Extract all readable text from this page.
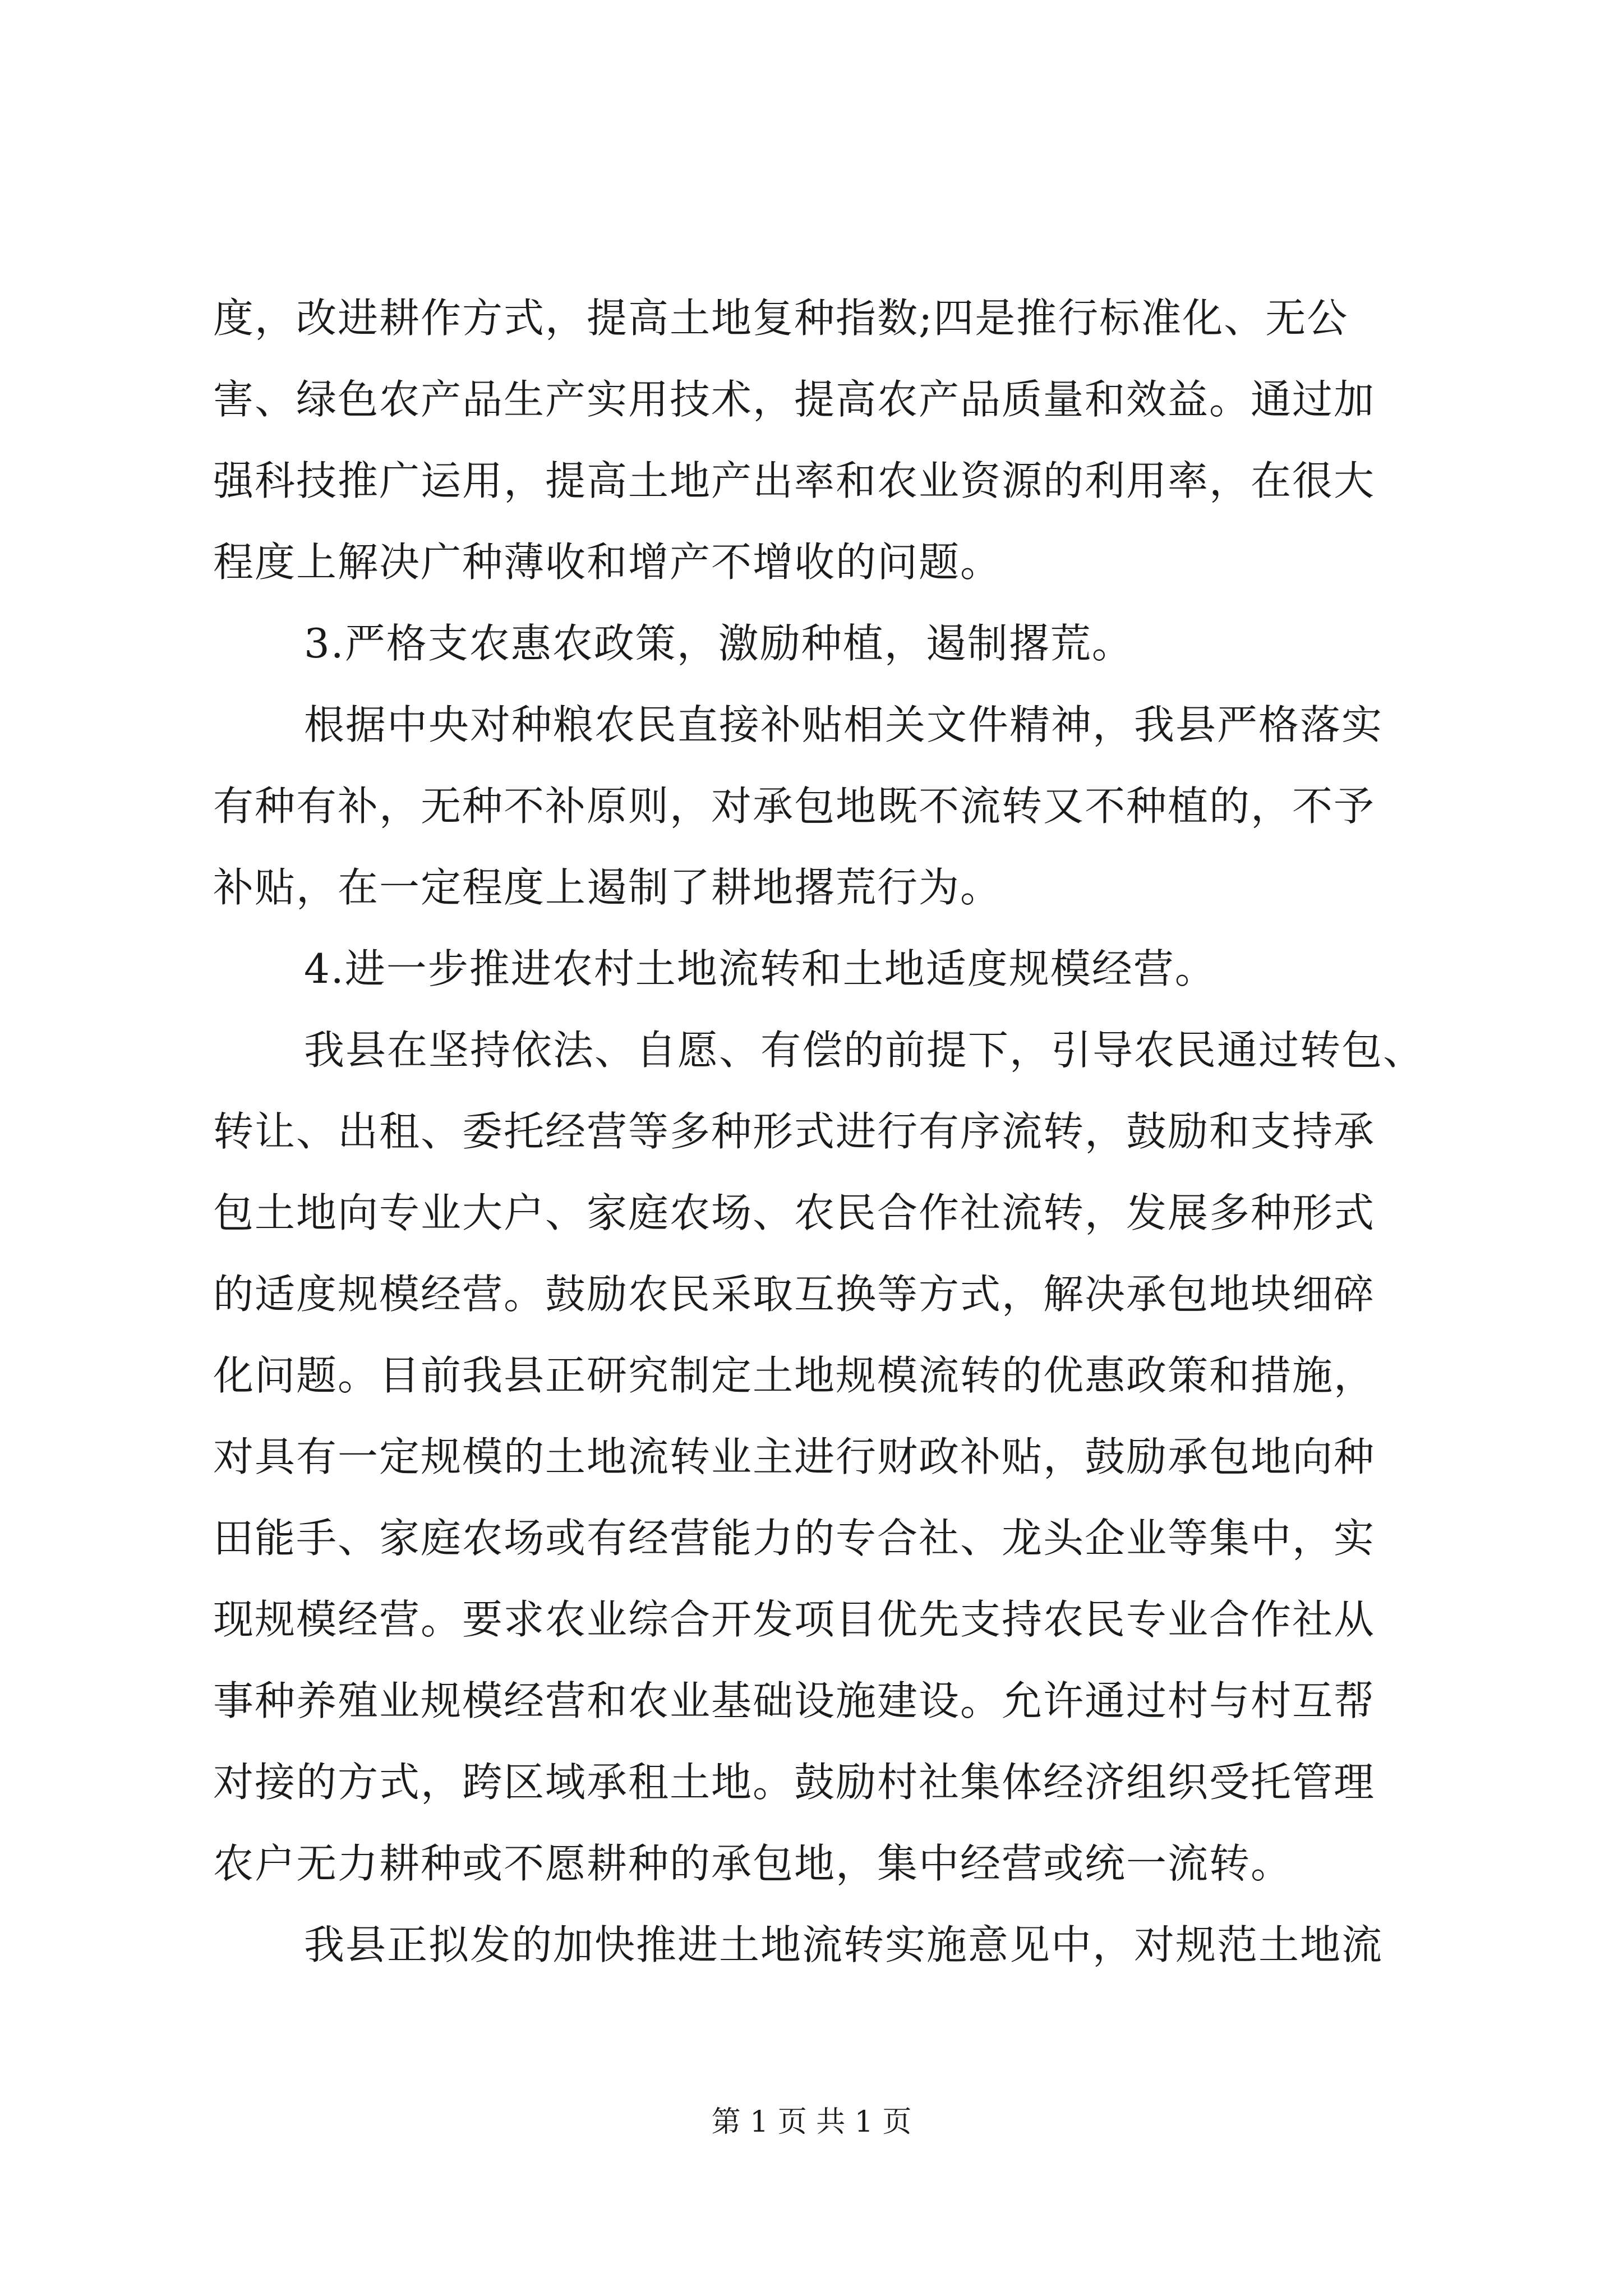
度，改进耕作方式，提高土地复种指数;四是推行标准化、无公
害、绿色农产品生产实用技术，提高农产品质量和效益。通过加
强科技推广运用，提高土地产出率和农业资源的利用率，在很大
程度上解决广种薄收和增产不增收的问题。
3.严格支农惠农政策，激励种植，遏制撂荒。
根据中央对种粮农民直接补贴相关文件精神，我县严格落实
有种有补，无种不补原则，对承包地既不流转又不种植的，不予
补贴，在一定程度上遏制了耕地撂荒行为。
4.进一步推进农村土地流转和土地适度规模经营。
我县在坚持依法、自愿、有偿的前提下，引导农民通过转包、
转让、出租、委托经营等多种形式进行有序流转，鼓励和支持承
包土地向专业大户、家庭农场、农民合作社流转，发展多种形式
的适度规模经营。鼓励农民采取互换等方式，解决承包地块细碎
化问题。目前我县正研究制定土地规模流转的优惠政策和措施，
对具有一定规模的土地流转业主进行财政补贴，鼓励承包地向种
田能手、家庭农场或有经营能力的专合社、龙头企业等集中，实
现规模经营。要求农业综合开发项目优先支持农民专业合作社从
事种养殖业规模经营和农业基础设施建设。允许通过村与村互帮
对接的方式，跨区域承租土地。鼓励村社集体经济组织受托管理
农户无力耕种或不愿耕种的承包地，集中经营或统一流转。
我县正拟发的加快推进土地流转实施意见中，对规范土地流
第 1 页 共 1 页
